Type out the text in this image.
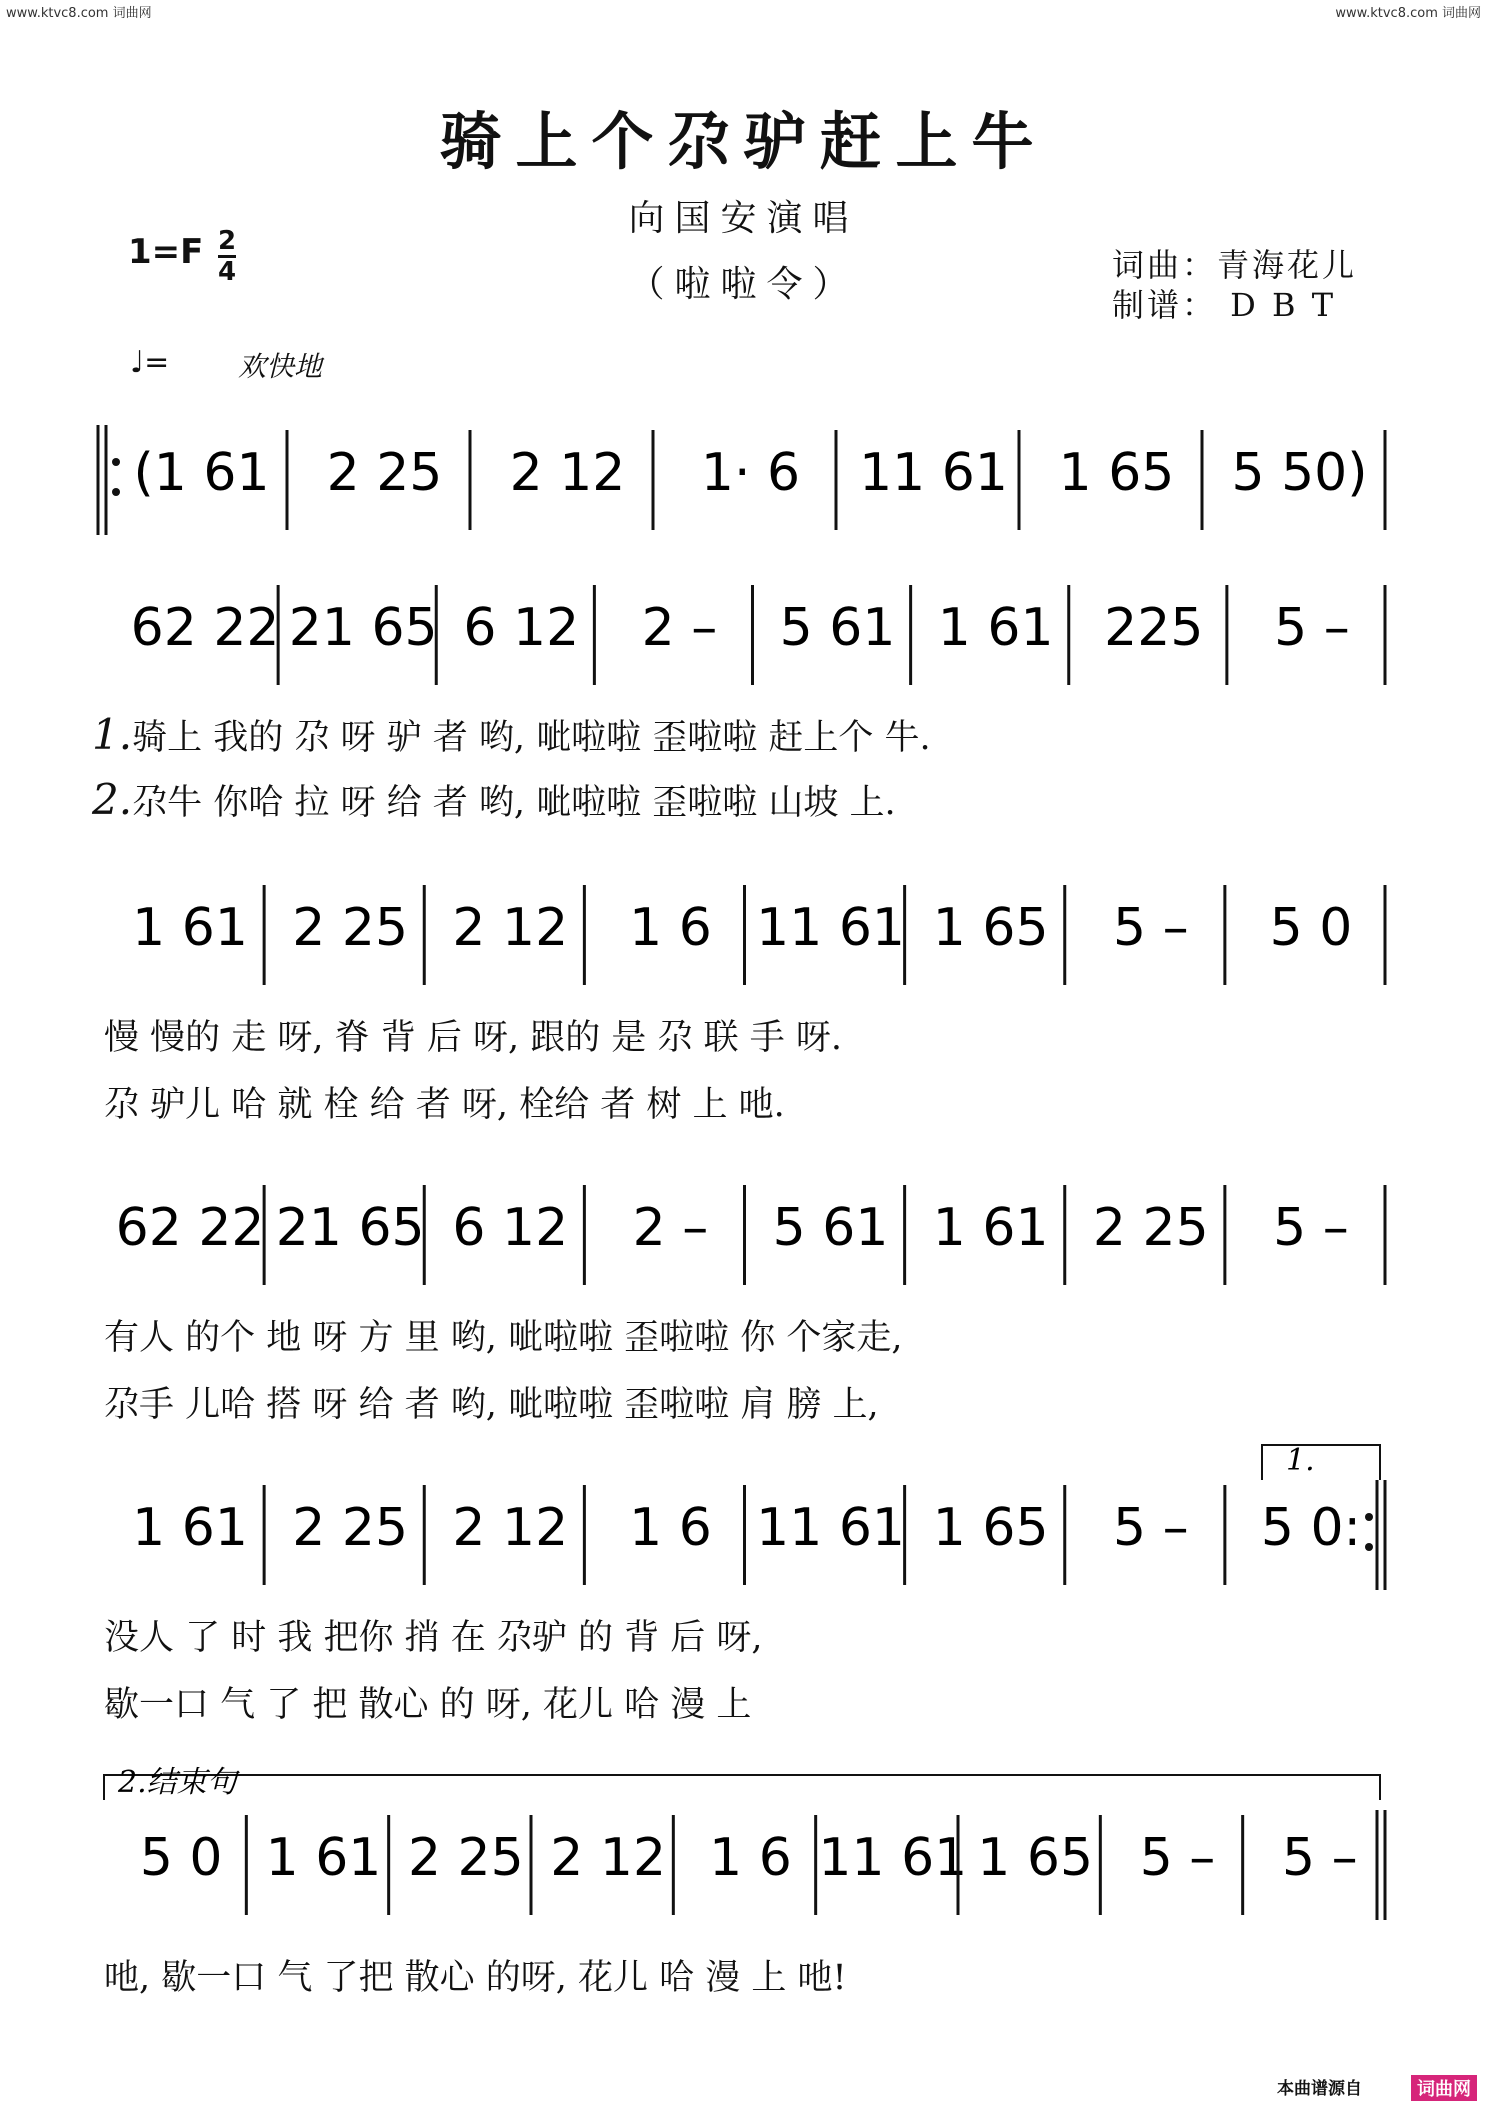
www.ktvc8.com 词曲网	www.ktvc8.com 词曲网
骑上个尕驴赶上牛
向国安演唱
（啦啦令）
1=F 2
4	词曲：青海花儿
制谱： D B T
♩= 欢快地
(1 61 2 25 2 12 1· 6 11 61 1 65 5 50)
62 22 21 65 6 12 2 – 5 61 1 61 225 5 –
1 61 2 25 2 12 1 6 11 61 1 65 5 – 5 0
62 22 21 65 6 12 2 – 5 61 1 61 2 25 5 –
1 61 2 25 2 12 1 6 11 61 1 65 5 – 5 0:
5 0 1 61 2 25 2 12 1 6 11 61 1 65 5 – 5 –
1.
2.结束句
1.骑上 我的 尕 呀 驴 者 哟, 呲啦啦 歪啦啦 赶上个 牛.
2.尕牛 你哈 拉 呀 给 者 哟, 呲啦啦 歪啦啦 山坡 上.
慢 慢的 走 呀, 脊 背 后 呀, 跟的 是 尕 联 手 呀.
尕 驴儿 哈 就 栓 给 者 呀, 栓给 者 树 上 吔.
有人 的个 地 呀 方 里 哟, 呲啦啦 歪啦啦 你 个家走,
尕手 儿哈 搭 呀 给 者 哟, 呲啦啦 歪啦啦 肩 膀 上,
没人 了 时 我 把你 捎 在 尕驴 的 背 后 呀,
歇一口 气 了 把 散心 的 呀, 花儿 哈 漫 上
吔, 歇一口 气 了把 散心 的呀, 花儿 哈 漫 上 吔!
本曲谱源自	词曲网
